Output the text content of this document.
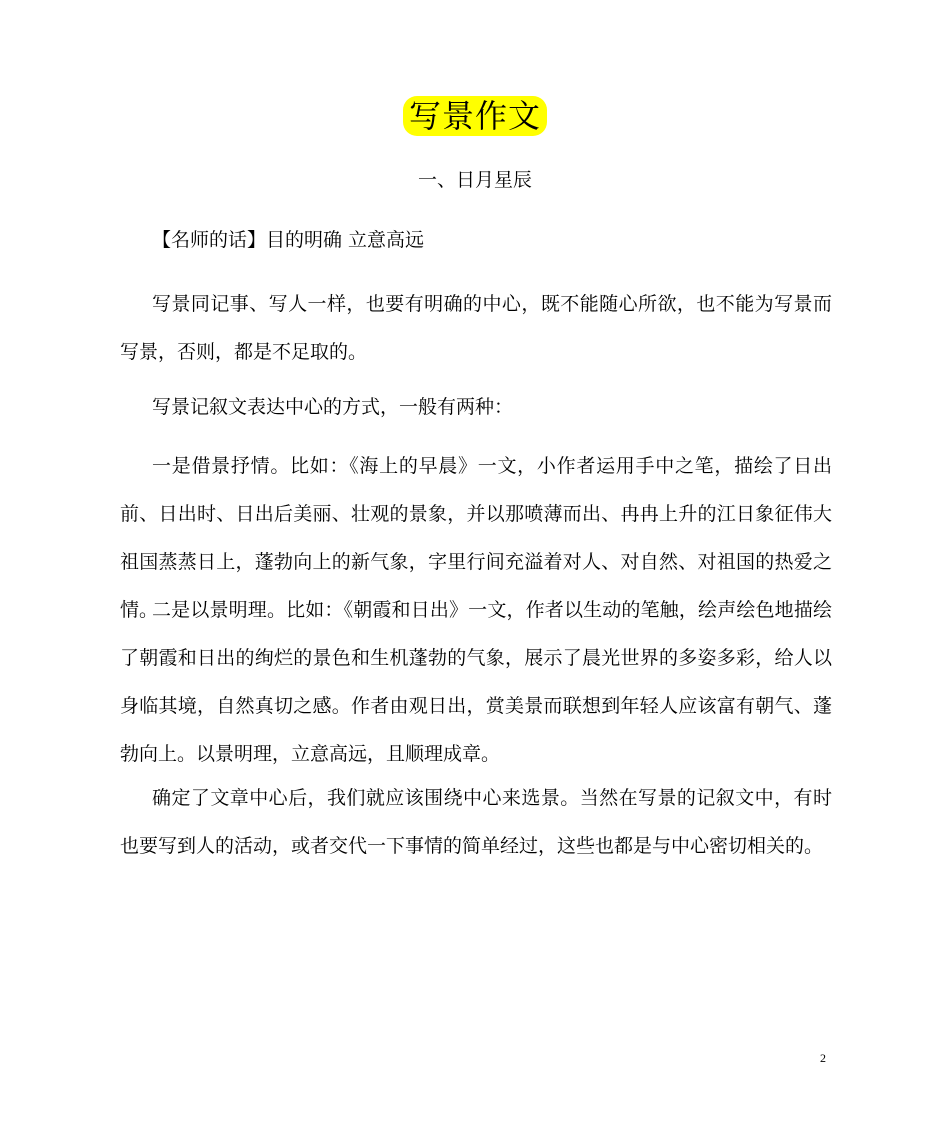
写景作文
一、日月星辰
【名师的话】目的明确 立意高远

写景同记事、写人一样，也要有明确的中心，既不能随心所欲，也不能为写景而写景，否则，都是不足取的。

写景记叙文表达中心的方式，一般有两种：

一是借景抒情。比如：《海上的早晨》一文，小作者运用手中之笔，描绘了日出前、日出时、日出后美丽、壮观的景象，并以那喷薄而出、冉冉上升的江日象征伟大祖国蒸蒸日上，蓬勃向上的新气象，字里行间充溢着对人、对自然、对祖国的热爱之情。

二是以景明理。比如：《朝霞和日出》一文，作者以生动的笔触，绘声绘色地描绘了朝霞和日出的绚烂的景色和生机蓬勃的气象，展示了晨光世界的多姿多彩，给人以身临其境，自然真切之感。作者由观日出，赏美景而联想到年轻人应该富有朝气、蓬勃向上。以景明理，立意高远，且顺理成章。

确定了文章中心后，我们就应该围绕中心来选景。当然在写景的记叙文中，有时也要写到人的活动，或者交代一下事情的简单经过，这些也都是与中心密切相关的。

2
